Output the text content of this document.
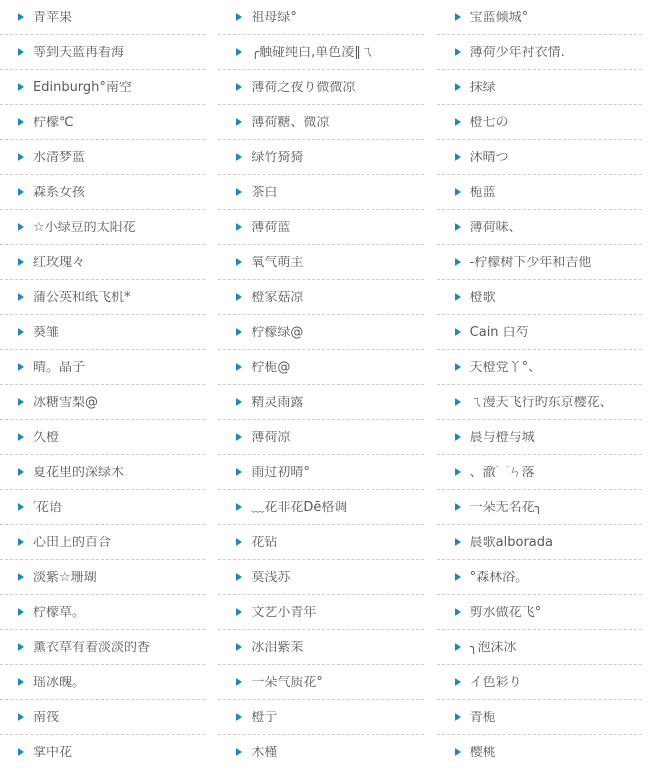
青苹果	祖母绿°	宝蓝倾城°
等到天蓝再看海	╭触碰纯白,单色凌‖ㄟ	薄荷少年衬衣情.
Edinburgh°南空	薄荷之夜り微微凉	抹绿
柠檬℃	薄荷糖、微凉	橙七の
水清梦蓝	绿竹猗猗	沐晴つ
森系女孩	茶白	栀蓝
☆小绿豆的太阳花	薄荷蓝	薄荷味、
红玫瑰々	氧气萌主	-柠檬树下少年和吉他
蒲公英和纸飞机*	橙家菇凉	橙歌
葵雏	柠檬绿@	Cain 白芍
晴。晶子	柠栀@	天橙党丫°、
冰糖雪梨@	精灵雨露	ㄟ漫天飞行旳东京樱花、
久橙	薄荷凉	晨与橙与城
夏花里的深绿木	雨过初晴°	、澈⌒ㄣ落
′花语	﹏花非花Dē格调	一朵无名花╮
心田上的百合	花钻	晨歌alborada
淡紫☆珊瑚	莫浅苏	°森林浴。
柠檬草。	文艺小青年	剪水做花飞°
薰衣草有着淡淡的香	冰泪紫茉	╮泡沫冰
瑶冰魄。	一朵气质花°	イ色彩り
南筏	橙亍	青栀
掌中花	木槿	樱桃
